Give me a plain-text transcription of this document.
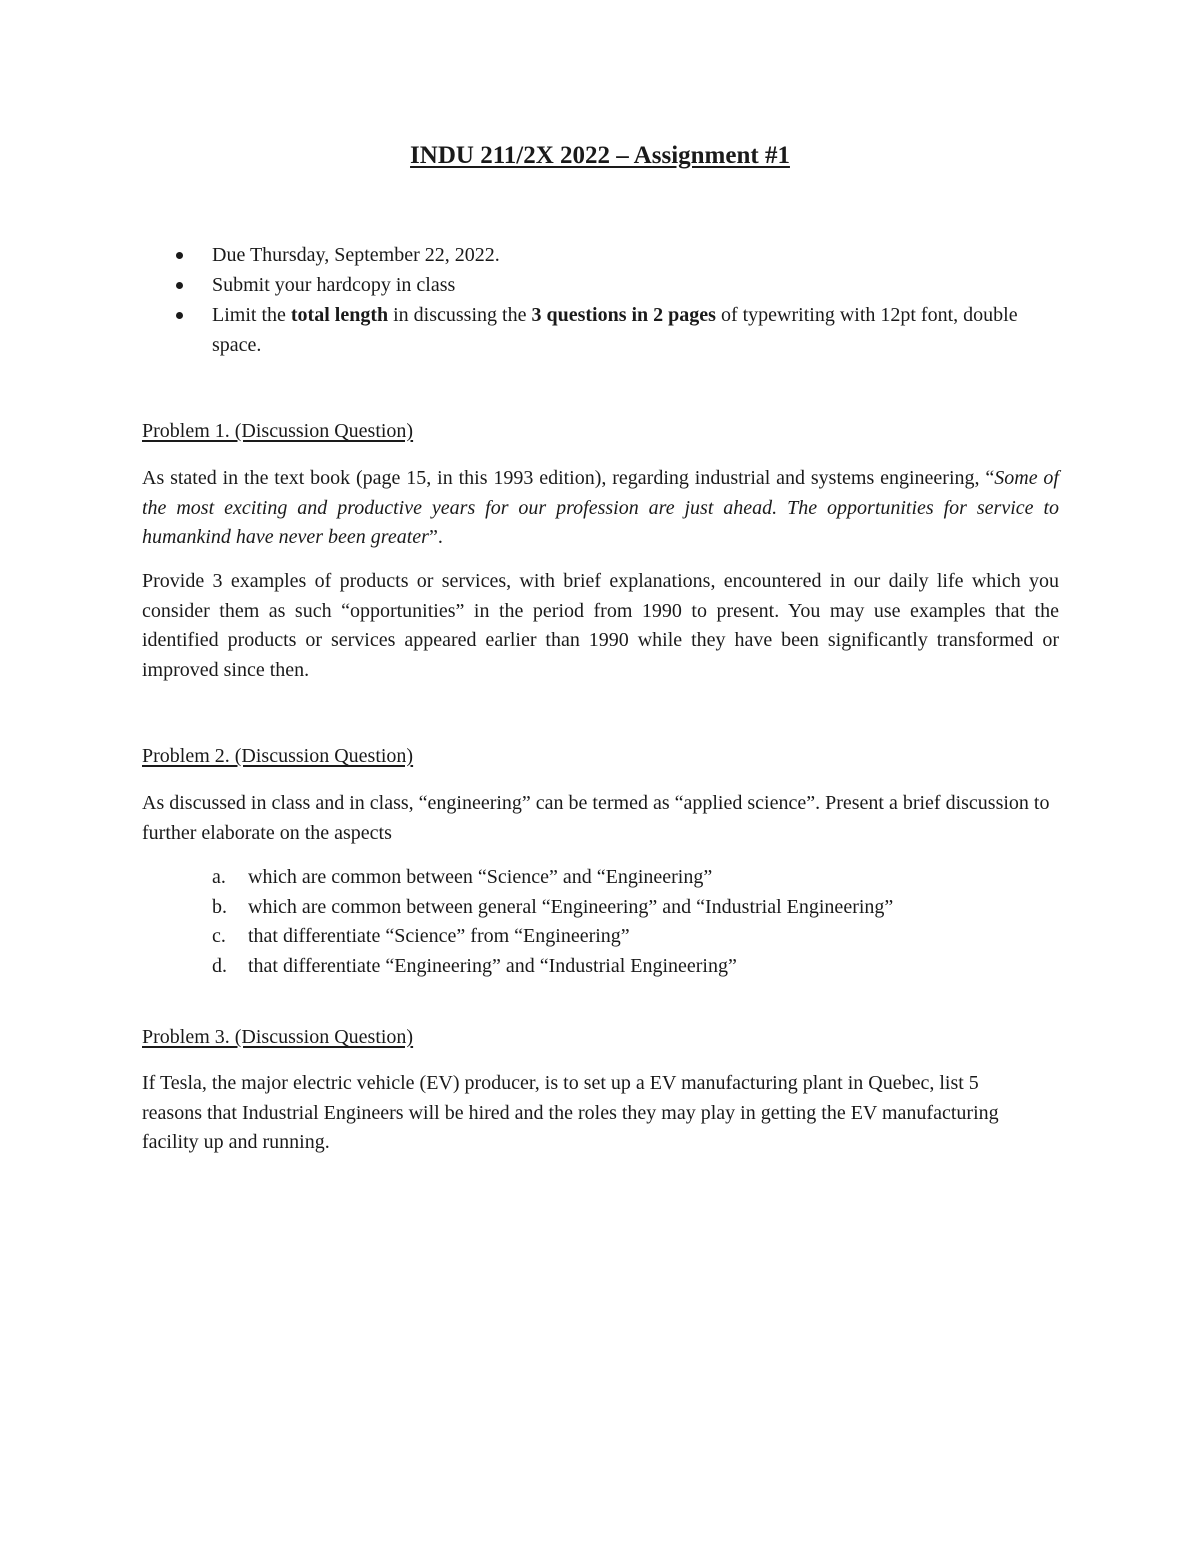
INDU 211/2X 2022 – Assignment #1
Due Thursday, September 22, 2022.
Submit your hardcopy in class
Limit the total length in discussing the 3 questions in 2 pages of typewriting with 12pt font, double space.
Problem 1. (Discussion Question)

As stated in the text book (page 15, in this 1993 edition), regarding industrial and systems engineering, “Some of the most exciting and productive years for our profession are just ahead. The opportunities for service to humankind have never been greater”.

Provide 3 examples of products or services, with brief explanations, encountered in our daily life which you consider them as such “opportunities” in the period from 1990 to present. You may use examples that the identified products or services appeared earlier than 1990 while they have been significantly transformed or improved since then.

Problem 2. (Discussion Question)

As discussed in class and in class, “engineering” can be termed as “applied science”. Present a brief discussion to further elaborate on the aspects

a. which are common between “Science” and “Engineering”
b. which are common between general “Engineering” and “Industrial Engineering”
c. that differentiate “Science” from “Engineering”
d. that differentiate “Engineering” and “Industrial Engineering”
Problem 3. (Discussion Question)

If Tesla, the major electric vehicle (EV) producer, is to set up a EV manufacturing plant in Quebec, list 5 reasons that Industrial Engineers will be hired and the roles they may play in getting the EV manufacturing facility up and running.
